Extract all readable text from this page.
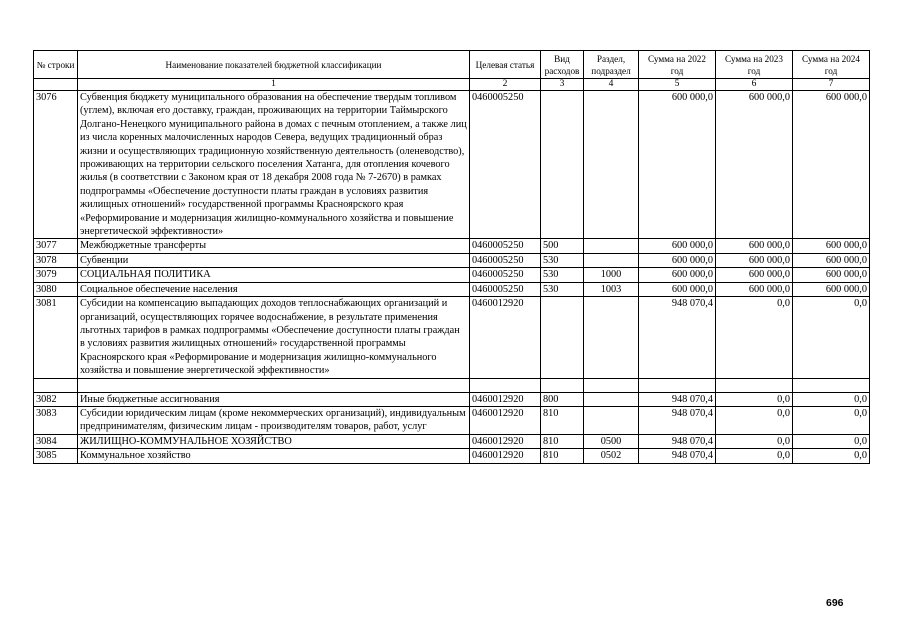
№ строки	Наименование показателей бюджетной классификации	Целевая статья	Вид расходов	Раздел, подраздел	Сумма на 2022 год	Сумма на 2023 год	Сумма на 2024 год
	1	2	3	4	5	6	7
3076	Субвенция бюджету муниципального образования на обеспечение твердым топливом (углем), включая его доставку, граждан, проживающих на территории Таймырского Долгано-Ненецкого муниципального района в домах с печным отоплением, а также лиц из числа коренных малочисленных народов Севера, ведущих традиционный образ жизни и осуществляющих традиционную хозяйственную деятельность (оленеводство), проживающих на территории сельского поселения Хатанга, для отопления кочевого жилья (в соответствии с Законом края от 18 декабря 2008 года № 7-2670) в рамках подпрограммы «Обеспечение доступности платы граждан в условиях развития жилищных отношений» государственной программы Красноярского края «Реформирование и модернизация жилищно-коммунального хозяйства и повышение энергетической эффективности»	0460005250			600 000,0	600 000,0	600 000,0
3077	Межбюджетные трансферты	0460005250	500		600 000,0	600 000,0	600 000,0
3078	Субвенции	0460005250	530		600 000,0	600 000,0	600 000,0
3079	СОЦИАЛЬНАЯ ПОЛИТИКА	0460005250	530	1000	600 000,0	600 000,0	600 000,0
3080	Социальное обеспечение населения	0460005250	530	1003	600 000,0	600 000,0	600 000,0
3081	Субсидии на компенсацию выпадающих доходов теплоснабжающих организаций и организаций, осуществляющих горячее водоснабжение, в результате применения льготных тарифов в рамках подпрограммы «Обеспечение доступности платы граждан в условиях развития жилищных отношений» государственной программы Красноярского края «Реформирование и модернизация жилищно-коммунального хозяйства и повышение энергетической эффективности»	0460012920			948 070,4	0,0	0,0

3082	Иные бюджетные ассигнования	0460012920	800		948 070,4	0,0	0,0
3083	Субсидии юридическим лицам (кроме некоммерческих организаций), индивидуальным предпринимателям, физическим лицам - производителям товаров, работ, услуг	0460012920	810		948 070,4	0,0	0,0
3084	ЖИЛИЩНО-КОММУНАЛЬНОЕ ХОЗЯЙСТВО	0460012920	810	0500	948 070,4	0,0	0,0
3085	Коммунальное хозяйство	0460012920	810	0502	948 070,4	0,0	0,0
696
